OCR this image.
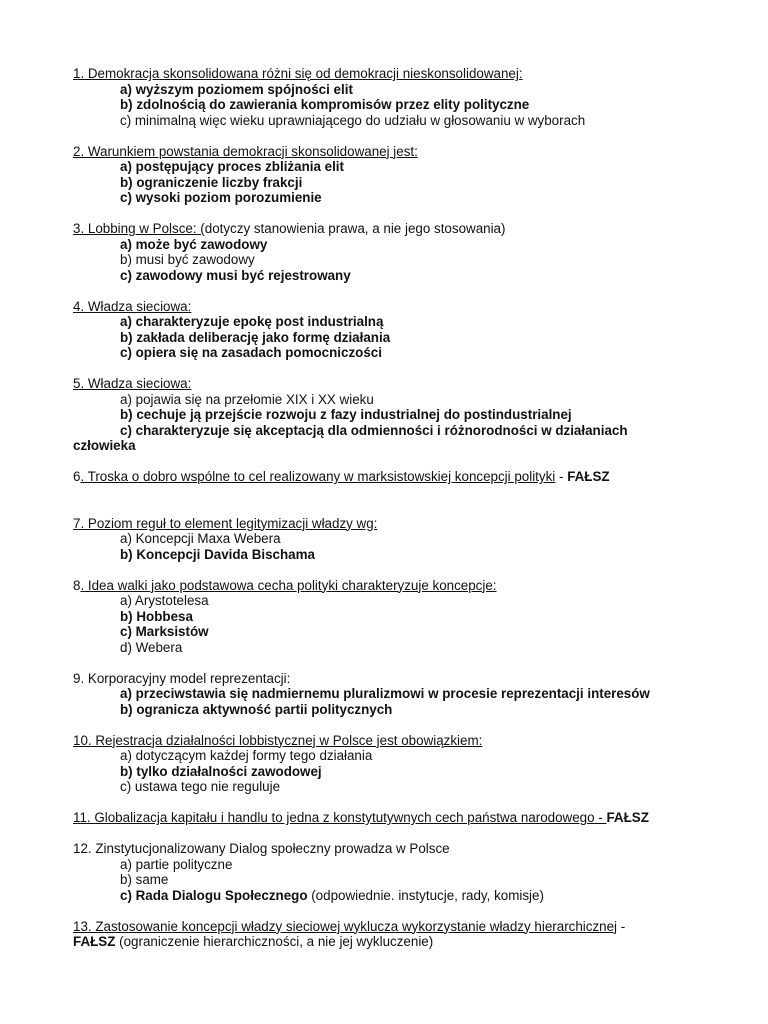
1. Demokracja skonsolidowana różni się od demokracji nieskonsolidowanej:
a) wyższym poziomem spójności elit
b) zdolnością do zawierania kompromisów przez elity polityczne
c) minimalną więc wieku uprawniającego do udziału w głosowaniu w wyborach
2. Warunkiem powstania demokracji skonsolidowanej jest:
a) postępujący proces zbliżania elit
b) ograniczenie liczby frakcji
c) wysoki poziom porozumienie
3. Lobbing w Polsce: (dotyczy stanowienia prawa, a nie jego stosowania)
a) może być zawodowy
b) musi być zawodowy
c) zawodowy musi być rejestrowany
4. Władza sieciowa:
a) charakteryzuje epokę post industrialną
b) zakłada deliberację jako formę działania
c) opiera się na zasadach pomocniczości
5. Władza sieciowa:
a) pojawia się na przełomie XIX i XX wieku
b) cechuje ją przejście rozwoju z fazy industrialnej do postindustrialnej
c) charakteryzuje się akceptacją dla odmienności i różnorodności w działaniach
człowieka
6. Troska o dobro wspólne to cel realizowany w marksistowskiej koncepcji polityki - FAŁSZ
7. Poziom reguł to element legitymizacji władzy wg:
a) Koncepcji Maxa Webera
b) Koncepcji Davida Bischama
8. Idea walki jako podstawowa cecha polityki charakteryzuje koncepcje:
a) Arystotelesa
b) Hobbesa
c) Marksistów
d) Webera
9. Korporacyjny model reprezentacji:
a) przeciwstawia się nadmiernemu pluralizmowi w procesie reprezentacji interesów
b) ogranicza aktywność partii politycznych
10. Rejestracja działalności lobbistycznej w Polsce jest obowiązkiem:
a) dotyczącym każdej formy tego działania
b) tylko działalności zawodowej
c) ustawa tego nie reguluje
11. Globalizacja kapitału i handlu to jedna z konstytutywnych cech państwa narodowego - FAŁSZ
12. Zinstytucjonalizowany Dialog społeczny prowadza w Polsce
a) partie polityczne
b) same
c) Rada Dialogu Społecznego (odpowiednie. instytucje, rady, komisje)
13. Zastosowanie koncepcji władzy sieciowej wyklucza wykorzystanie władzy hierarchicznej -
FAŁSZ (ograniczenie hierarchiczności, a nie jej wykluczenie)
